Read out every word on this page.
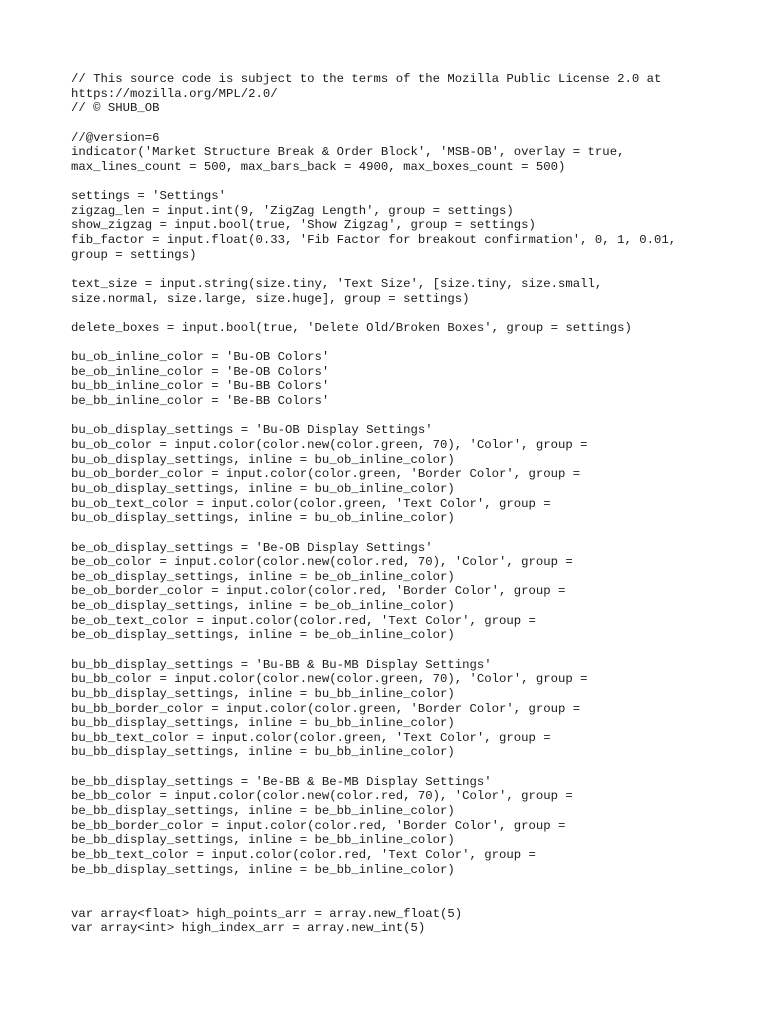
// This source code is subject to the terms of the Mozilla Public License 2.0 at
https://mozilla.org/MPL/2.0/
// © SHUB_OB

//@version=6
indicator('Market Structure Break & Order Block', 'MSB-OB', overlay = true,
max_lines_count = 500, max_bars_back = 4900, max_boxes_count = 500)

settings = 'Settings'
zigzag_len = input.int(9, 'ZigZag Length', group = settings)
show_zigzag = input.bool(true, 'Show Zigzag', group = settings)
fib_factor = input.float(0.33, 'Fib Factor for breakout confirmation', 0, 1, 0.01,
group = settings)

text_size = input.string(size.tiny, 'Text Size', [size.tiny, size.small,
size.normal, size.large, size.huge], group = settings)

delete_boxes = input.bool(true, 'Delete Old/Broken Boxes', group = settings)

bu_ob_inline_color = 'Bu-OB Colors'
be_ob_inline_color = 'Be-OB Colors'
bu_bb_inline_color = 'Bu-BB Colors'
be_bb_inline_color = 'Be-BB Colors'

bu_ob_display_settings = 'Bu-OB Display Settings'
bu_ob_color = input.color(color.new(color.green, 70), 'Color', group =
bu_ob_display_settings, inline = bu_ob_inline_color)
bu_ob_border_color = input.color(color.green, 'Border Color', group =
bu_ob_display_settings, inline = bu_ob_inline_color)
bu_ob_text_color = input.color(color.green, 'Text Color', group =
bu_ob_display_settings, inline = bu_ob_inline_color)

be_ob_display_settings = 'Be-OB Display Settings'
be_ob_color = input.color(color.new(color.red, 70), 'Color', group =
be_ob_display_settings, inline = be_ob_inline_color)
be_ob_border_color = input.color(color.red, 'Border Color', group =
be_ob_display_settings, inline = be_ob_inline_color)
be_ob_text_color = input.color(color.red, 'Text Color', group =
be_ob_display_settings, inline = be_ob_inline_color)

bu_bb_display_settings = 'Bu-BB & Bu-MB Display Settings'
bu_bb_color = input.color(color.new(color.green, 70), 'Color', group =
bu_bb_display_settings, inline = bu_bb_inline_color)
bu_bb_border_color = input.color(color.green, 'Border Color', group =
bu_bb_display_settings, inline = bu_bb_inline_color)
bu_bb_text_color = input.color(color.green, 'Text Color', group =
bu_bb_display_settings, inline = bu_bb_inline_color)

be_bb_display_settings = 'Be-BB & Be-MB Display Settings'
be_bb_color = input.color(color.new(color.red, 70), 'Color', group =
be_bb_display_settings, inline = be_bb_inline_color)
be_bb_border_color = input.color(color.red, 'Border Color', group =
be_bb_display_settings, inline = be_bb_inline_color)
be_bb_text_color = input.color(color.red, 'Text Color', group =
be_bb_display_settings, inline = be_bb_inline_color)

var array<float> high_points_arr = array.new_float(5)
var array<int> high_index_arr = array.new_int(5)
